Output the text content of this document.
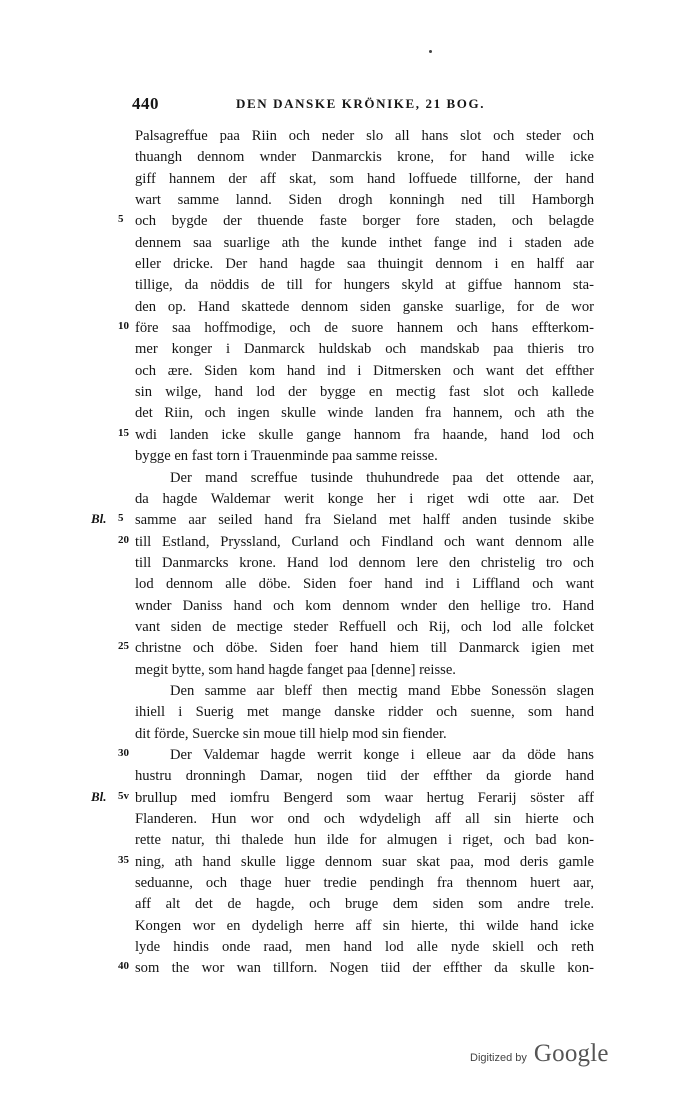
440	DEN DANSKE KRÖNIKE, 21 BOG.
Palsagreffue paa Riin och neder slo all hans slot och steder och
thuangh dennom wnder Danmarckis krone, for hand wille icke
giff hannem der aff skat, som hand loffuede tillforne, der hand
wart samme lannd. Siden drogh konningh ned till Hamborgh
5 och bygde der thuende faste borger fore staden, och belagde
dennem saa suarlige ath the kunde inthet fange ind i staden ade
eller dricke. Der hand hagde saa thuingit dennom i en halff aar
tillige, da nöddis de till for hungers skyld at giffue hannom sta-
den op. Hand skattede dennom siden ganske suarlige, for de wor
10 före saa hoffmodige, och de suore hannem och hans effterkom-
mer konger i Danmarck huldskab och mandskab paa thieris tro
och ære. Siden kom hand ind i Ditmersken och want det effther
sin wilge, hand lod der bygge en mectig fast slot och kallede
det Riin, och ingen skulle winde landen fra hannem, och ath the
15 wdi landen icke skulle gange hannom fra haande, hand lod och
bygge en fast torn i Trauenminde paa samme reisse.
Der mand screffue tusinde thuhundrede paa det ottende aar,
da hagde Waldemar werit konge her i riget wdi otte aar. Det
Bl. 5 samme aar seiled hand fra Sieland met halff anden tusinde skibe
20 till Estland, Pryssland, Curland och Findland och want dennom alle
till Danmarcks krone. Hand lod dennom lere den christelig tro och
lod dennom alle döbe. Siden foer hand ind i Liffland och want
wnder Daniss hand och kom dennom wnder den hellige tro. Hand
vant siden de mectige steder Reffuell och Rij, och lod alle folcket
25 christne och döbe. Siden foer hand hiem till Danmarck igien met
megit bytte, som hand hagde fanget paa [denne] reisse.
Den samme aar bleff then mectig mand Ebbe Sonessön slagen
ihiell i Suerig met mange danske ridder och suenne, som hand
dit förde, Suercke sin moue till hielp mod sin fiender.
30	Der Valdemar hagde werrit konge i elleue aar da döde hans
hustru dronningh Damar, nogen tiid der effther da giorde hand
Bl. 5v brullup med iomfru Bengerd som waar hertug Ferarij söster aff
Flanderen. Hun wor ond och wdydeligh aff all sin hierte och
rette natur, thi thalede hun ilde for almugen i riget, och bad kon-
35 ning, ath hand skulle ligge dennom suar skat paa, mod deris gamle
seduanne, och thage huer tredie pendingh fra thennom huert aar,
aff alt det de hagde, och bruge dem siden som andre trele.
Kongen wor en dydeligh herre aff sin hierte, thi wilde hand icke
lyde hindis onde raad, men hand lod alle nyde skiell och reth
40 som the wor wan tillforn. Nogen tiid der effther da skulle kon-
Digitized by Google
